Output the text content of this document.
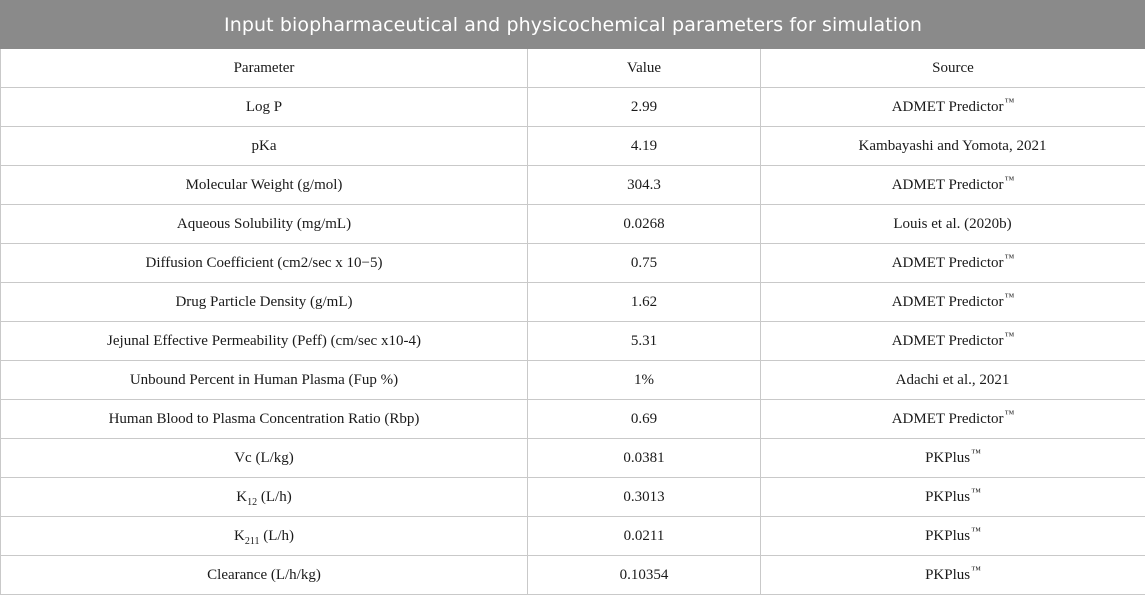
Input biopharmaceutical and physicochemical parameters for simulation		
Parameter	Value	Source
Log P	2.99	ADMET Predictor™
pKa	4.19	Kambayashi and Yomota, 2021
Molecular Weight (g/mol)	304.3	ADMET Predictor™
Aqueous Solubility (mg/mL)	0.0268	Louis et al. (2020b)
Diffusion Coefficient (cm2/sec x 10−5)	0.75	ADMET Predictor™
Drug Particle Density (g/mL)	1.62	ADMET Predictor™
Jejunal Effective Permeability (Peff) (cm/sec x10-4)	5.31	ADMET Predictor™
Unbound Percent in Human Plasma (Fup %)	1%	Adachi et al., 2021
Human Blood to Plasma Concentration Ratio (Rbp)	0.69	ADMET Predictor™
Vc (L/kg)	0.0381	PKPlus™
$K_{12}$ (L/h)	0.3013	PKPlus™
$K_{211}$ (L/h)	0.0211	PKPlus™
Clearance (L/h/kg)	0.10354	PKPlus™
